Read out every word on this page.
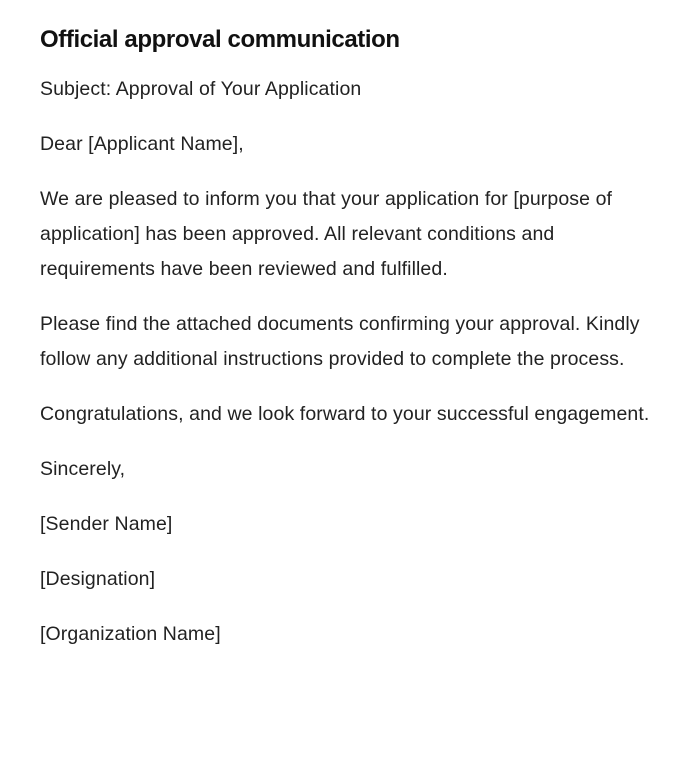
Official approval communication

Subject: Approval of Your Application

Dear [Applicant Name],

We are pleased to inform you that your application for [purpose of application] has been approved. All relevant conditions and requirements have been reviewed and fulfilled.

Please find the attached documents confirming your approval. Kindly follow any additional instructions provided to complete the process.

Congratulations, and we look forward to your successful engagement.

Sincerely,

[Sender Name]

[Designation]

[Organization Name]
